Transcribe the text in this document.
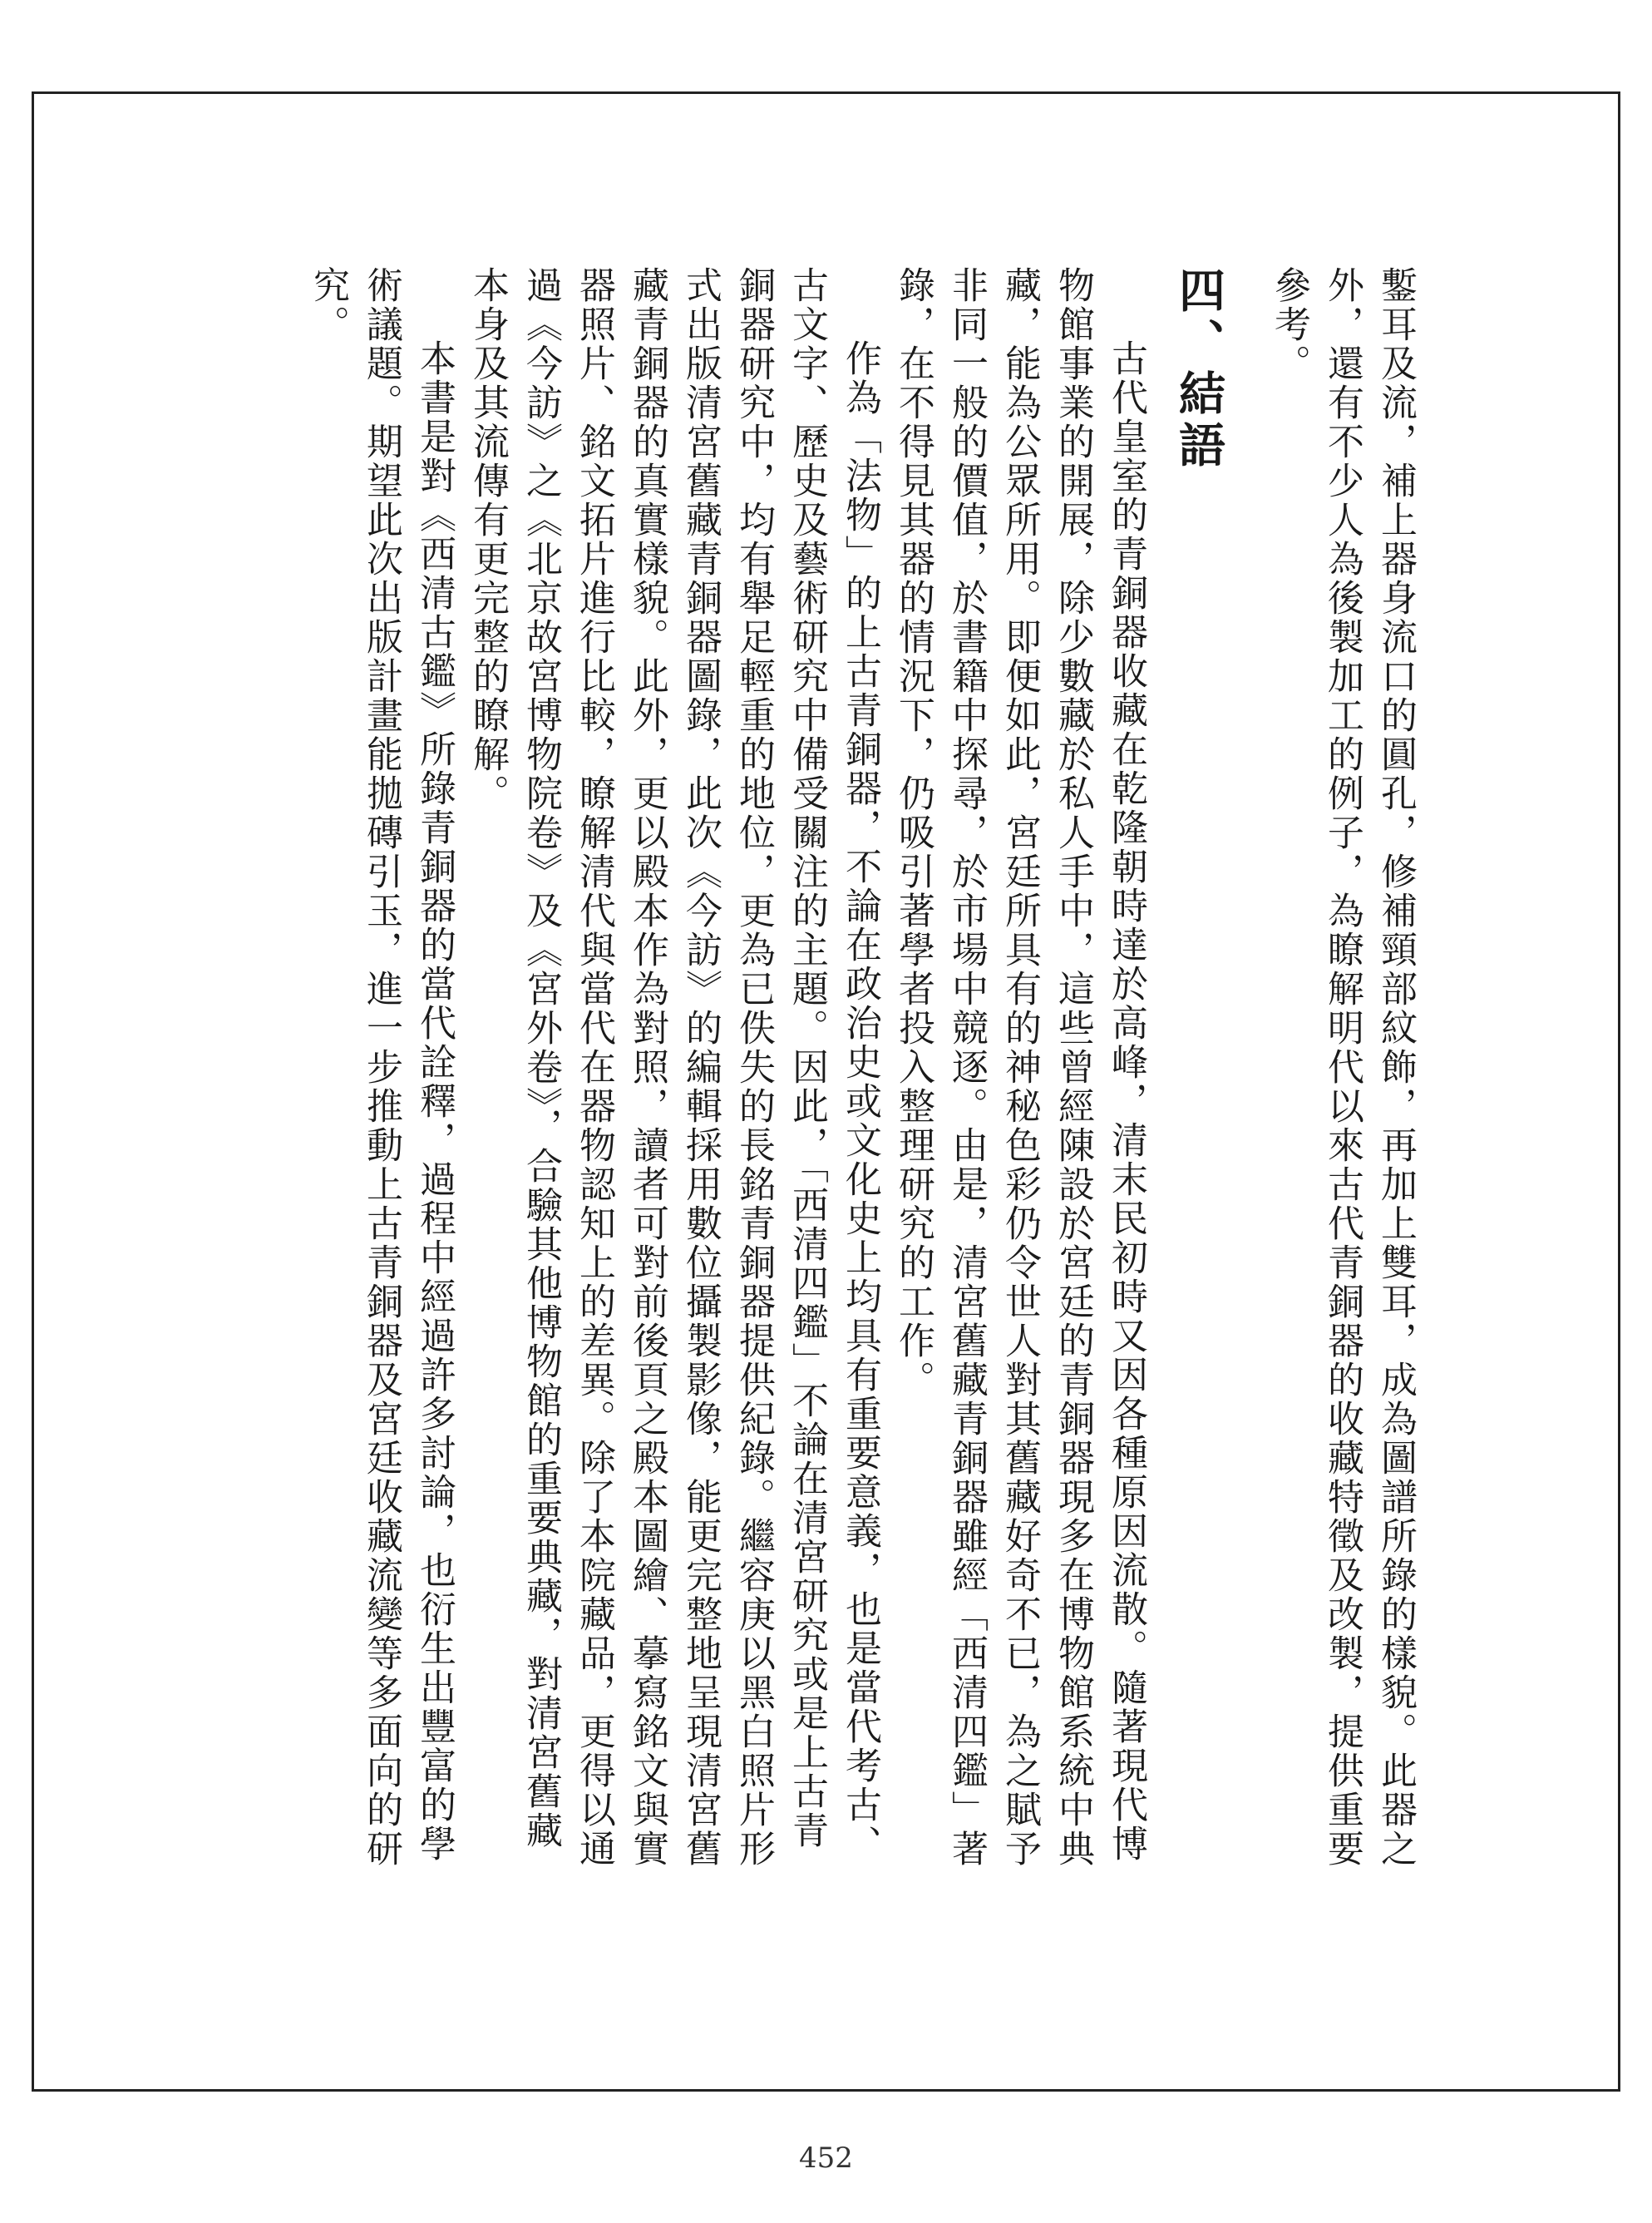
鏨耳及流，補上器身流口的圓孔，修補頸部紋飾，再加上雙耳，成為圖譜所錄的樣貌。此器之外，還有不少人為後製加工的例子，為瞭解明代以來古代青銅器的收藏特徵及改製，提供重要參考。

四、結語

古代皇室的青銅器收藏在乾隆朝時達於高峰，清末民初時又因各種原因流散。隨著現代博物館事業的開展，除少數藏於私人手中，這些曾經陳設於宮廷的青銅器現多在博物館系統中典藏，能為公眾所用。即便如此，宮廷所具有的神秘色彩仍令世人對其舊藏好奇不已，為之賦予非同一般的價值，於書籍中探尋，於市場中競逐。由是，清宮舊藏青銅器雖經「西清四鑑」著錄，在不得見其器的情況下，仍吸引著學者投入整理研究的工作。

作為「法物」的上古青銅器，不論在政治史或文化史上均具有重要意義，也是當代考古、古文字、歷史及藝術研究中備受關注的主題。因此，「西清四鑑」不論在清宮研究或是上古青銅器研究中，均有舉足輕重的地位，更為已佚失的長銘青銅器提供紀錄。繼容庚以黑白照片形式出版清宮舊藏青銅器圖錄，此次《今訪》的編輯採用數位攝製影像，能更完整地呈現清宮舊藏青銅器的真實樣貌。此外，更以殿本作為對照，讀者可對前後頁之殿本圖繪、摹寫銘文與實器照片、銘文拓片進行比較，瞭解清代與當代在器物認知上的差異。除了本院藏品，更得以通過《今訪》之《北京故宮博物院卷》及《宮外卷》，合驗其他博物館的重要典藏，對清宮舊藏本身及其流傳有更完整的瞭解。

本書是對《西清古鑑》所錄青銅器的當代詮釋，過程中經過許多討論，也衍生出豐富的學術議題。期望此次出版計畫能拋磚引玉，進一步推動上古青銅器及宮廷收藏流變等多面向的研究。

452
